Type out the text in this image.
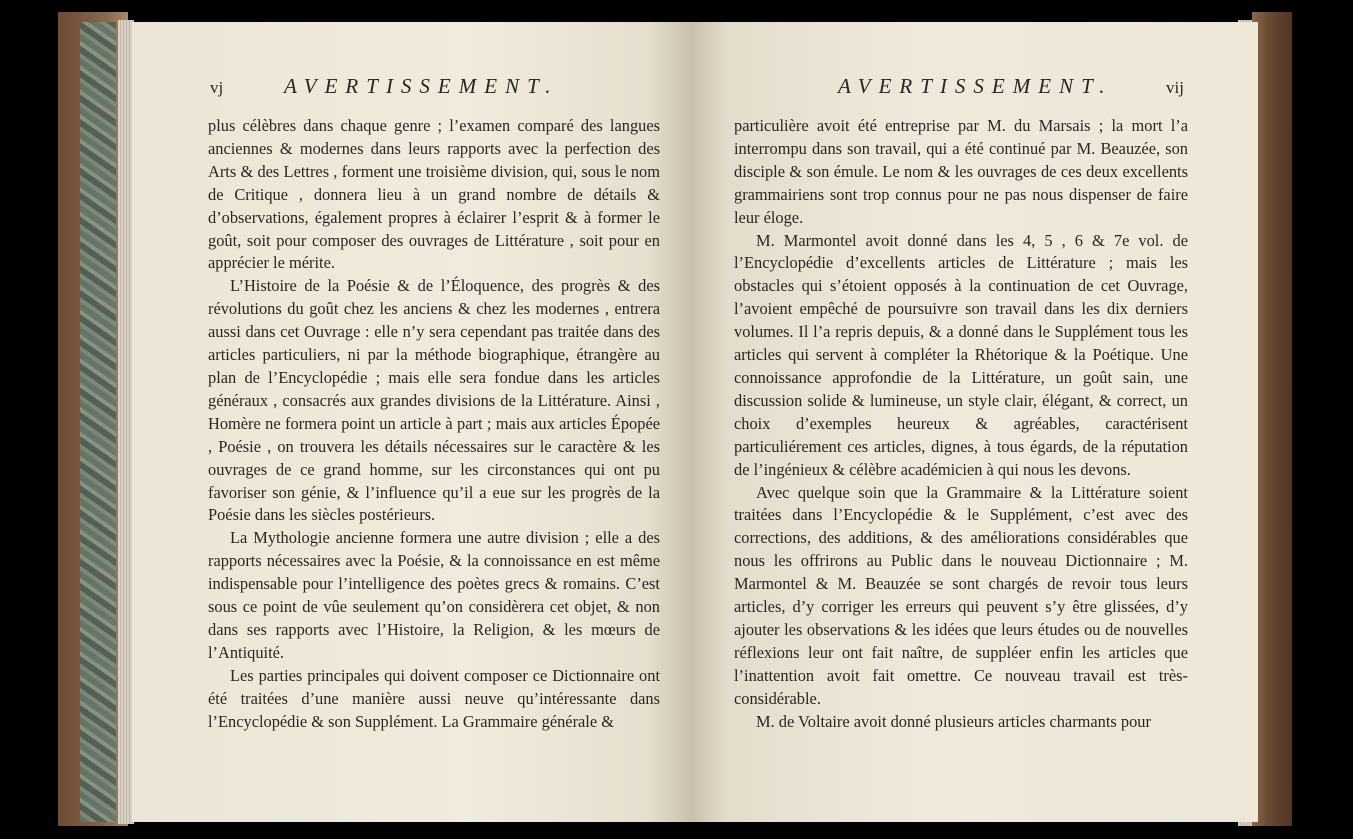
vj	AVERTISSEMENT.

plus célèbres dans chaque genre ; l’examen comparé des langues anciennes & modernes dans leurs rapports avec la perfection des Arts & des Lettres , forment une troisième division, qui, sous le nom de Critique , donnera lieu à un grand nombre de détails & d’observations, également propres à éclairer l’esprit & à former le goût, soit pour composer des ouvrages de Littérature , soit pour en apprécier le mérite.

L’Histoire de la Poésie & de l’Éloquence, des progrès & des révolutions du goût chez les anciens & chez les modernes , entrera aussi dans cet Ouvrage : elle n’y sera cependant pas traitée dans des articles particuliers, ni par la méthode biographique, étrangère au plan de l’Encyclopédie ; mais elle sera fondue dans les articles généraux , consacrés aux grandes divisions de la Littérature. Ainsi , Homère ne formera point un article à part ; mais aux articles Épopée , Poésie , on trouvera les détails nécessaires sur le caractère & les ouvrages de ce grand homme, sur les circonstances qui ont pu favoriser son génie, & l’influence qu’il a eue sur les progrès de la Poésie dans les siècles postérieurs.

La Mythologie ancienne formera une autre division ; elle a des rapports nécessaires avec la Poésie, & la connoissance en est même indispensable pour l’intelligence des poètes grecs & romains. C’est sous ce point de vûe seulement qu’on considèrera cet objet, & non dans ses rapports avec l’Histoire, la Religion, & les mœurs de l’Antiquité.

Les parties principales qui doivent composer ce Dictionnaire ont été traitées d’une manière aussi neuve qu’intéressante dans l’Encyclopédie & son Supplément. La Grammaire générale &

AVERTISSEMENT.	vij

particulière avoit été entreprise par M. du Marsais ; la mort l’a interrompu dans son travail, qui a été continué par M. Beauzée, son disciple & son émule. Le nom & les ouvrages de ces deux excellents grammairiens sont trop connus pour ne pas nous dispenser de faire leur éloge.

M. Marmontel avoit donné dans les 4, 5 , 6 & 7e vol. de l’Encyclopédie d’excellents articles de Littérature ; mais les obstacles qui s’étoient opposés à la continuation de cet Ouvrage, l’avoient empêché de poursuivre son travail dans les dix derniers volumes. Il l’a repris depuis, & a donné dans le Supplément tous les articles qui servent à compléter la Rhétorique & la Poétique. Une connoissance approfondie de la Littérature, un goût sain, une discussion solide & lumineuse, un style clair, élégant, & correct, un choix d’exemples heureux & agréables, caractérisent particuliérement ces articles, dignes, à tous égards, de la réputation de l’ingénieux & célèbre académicien à qui nous les devons.

Avec quelque soin que la Grammaire & la Littérature soient traitées dans l’Encyclopédie & le Supplément, c’est avec des corrections, des additions, & des améliorations considérables que nous les offrirons au Public dans le nouveau Dictionnaire ; M. Marmontel & M. Beauzée se sont chargés de revoir tous leurs articles, d’y corriger les erreurs qui peuvent s’y être glissées, d’y ajouter les observations & les idées que leurs études ou de nouvelles réflexions leur ont fait naître, de suppléer enfin les articles que l’inattention avoit fait omettre. Ce nouveau travail est très-considérable.

M. de Voltaire avoit donné plusieurs articles charmants pour
